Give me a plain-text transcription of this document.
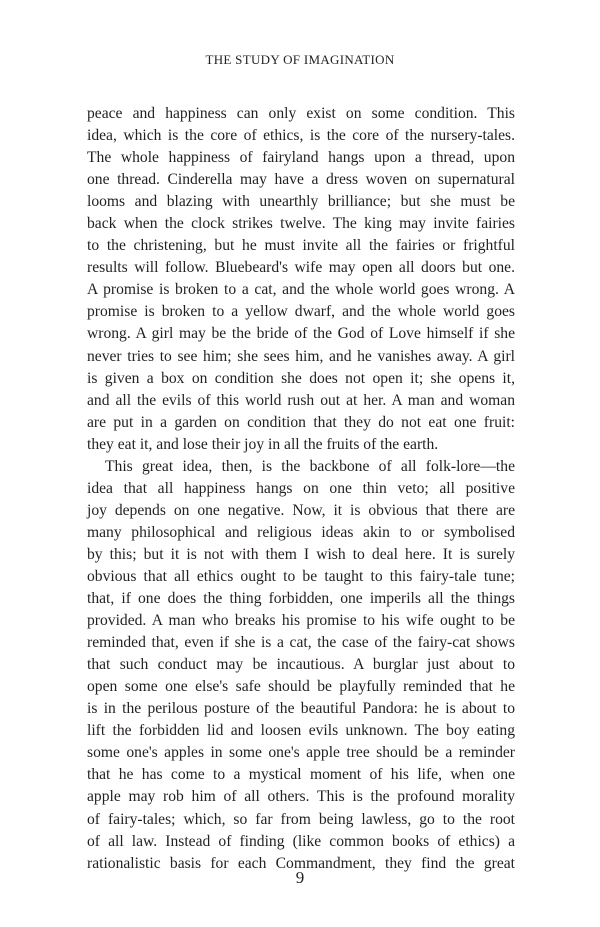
THE STUDY OF IMAGINATION

peace and happiness can only exist on some condition. This

idea, which is the core of ethics, is the core of the nursery-tales.

The whole happiness of fairyland hangs upon a thread, upon

one thread. Cinderella may have a dress woven on supernatural

looms and blazing with unearthly brilliance; but she must be

back when the clock strikes twelve. The king may invite fairies

to the christening, but he must invite all the fairies or frightful

results will follow. Bluebeard's wife may open all doors but one.

A promise is broken to a cat, and the whole world goes wrong. A

promise is broken to a yellow dwarf, and the whole world goes

wrong. A girl may be the bride of the God of Love himself if she

never tries to see him; she sees him, and he vanishes away. A girl

is given a box on condition she does not open it; she opens it,

and all the evils of this world rush out at her. A man and woman

are put in a garden on condition that they do not eat one fruit:

they eat it, and lose their joy in all the fruits of the earth.

This great idea, then, is the backbone of all folk-lore—the

idea that all happiness hangs on one thin veto; all positive

joy depends on one negative. Now, it is obvious that there are

many philosophical and religious ideas akin to or symbolised

by this; but it is not with them I wish to deal here. It is surely

obvious that all ethics ought to be taught to this fairy-tale tune;

that, if one does the thing forbidden, one imperils all the things

provided. A man who breaks his promise to his wife ought to be

reminded that, even if she is a cat, the case of the fairy-cat shows

that such conduct may be incautious. A burglar just about to

open some one else's safe should be playfully reminded that he

is in the perilous posture of the beautiful Pandora: he is about to

lift the forbidden lid and loosen evils unknown. The boy eating

some one's apples in some one's apple tree should be a reminder

that he has come to a mystical moment of his life, when one

apple may rob him of all others. This is the profound morality

of fairy-tales; which, so far from being lawless, go to the root

of all law. Instead of finding (like common books of ethics) a

rationalistic basis for each Commandment, they find the great

9
